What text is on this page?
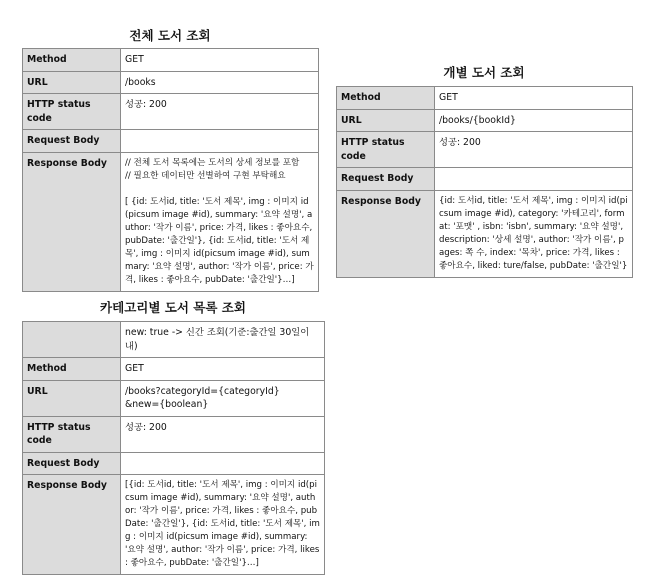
전체 도서 조회
Method	GET

URL	/books

HTTP status code	성공: 200

Request Body	

Response Body	// 전체 도서 목록에는 도서의 상세 정보를 포함
// 필요한 데이터만 선별하여 구현 부탁해요

[ {id: 도서id, title: '도서 제목', img : 이미지 id(picsum image #id), summary: '요약 설명', author: '작가 이름', price: 가격, likes : 좋아요수, pubDate: '출간일'}, {id: 도서id, title: '도서 제목', img : 이미지 id(picsum image #id), summary: '요약 설명', author: '작가 이름', price: 가격, likes : 좋아요수, pubDate: '출간일'}…]
개별 도서 조회
Method	GET

URL	/books/{bookId}

HTTP status code	성공: 200

Request Body	

Response Body	{id: 도서id, title: '도서 제목', img : 이미지 id(picsum image #id), category: '카테고리', format: '포맷' , isbn: 'isbn', summary: '요약 설명', description: '상세 설명', author: '작가 이름', pages: 쪽 수, index: '목차', price: 가격, likes : 좋아요수, liked: ture/false, pubDate: '출간일'}
카테고리별 도서 목록 조회

	new: true -> 신간 조회(기준:출간일 30일이내)

Method	GET

URL	/books?categoryId={categoryId}
&new={boolean}

HTTP status code	성공: 200

Request Body	

Response Body	[{id: 도서id, title: '도서 제목', img : 이미지 id(picsum image #id), summary: '요약 설명', author: '작가 이름', price: 가격, likes : 좋아요수, pubDate: '출간일'}, {id: 도서id, title: '도서 제목', img : 이미지 id(picsum image #id), summary: '요약 설명', author: '작가 이름', price: 가격, likes : 좋아요수, pubDate: '출간일'}…]
